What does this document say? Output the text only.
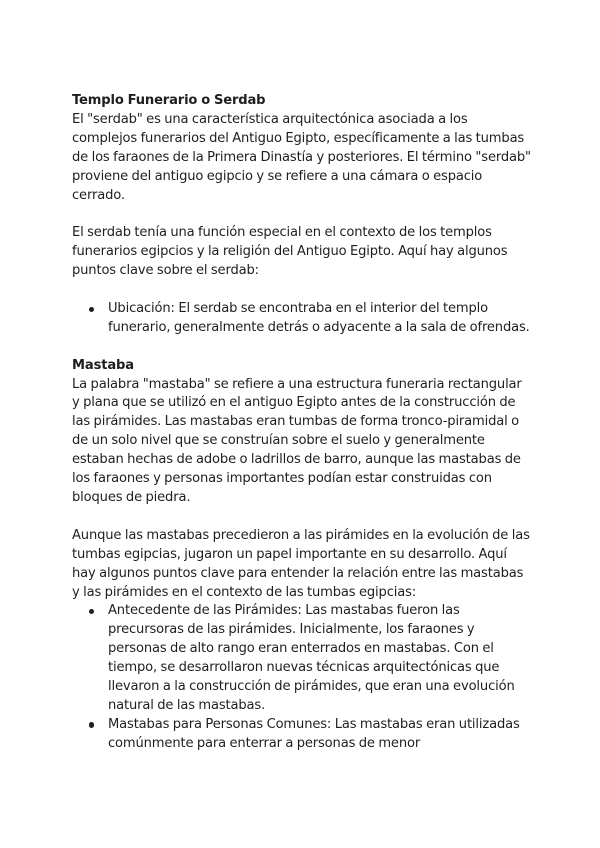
Templo Funerario o Serdab

El "serdab" es una característica arquitectónica asociada a los complejos funerarios del Antiguo Egipto, específicamente a las tumbas de los faraones de la Primera Dinastía y posteriores. El término "serdab" proviene del antiguo egipcio y se refiere a una cámara o espacio cerrado.

El serdab tenía una función especial en el contexto de los templos funerarios egipcios y la religión del Antiguo Egipto. Aquí hay algunos puntos clave sobre el serdab:

Ubicación: El serdab se encontraba en el interior del templo funerario, generalmente detrás o adyacente a la sala de ofrendas.
Mastaba

La palabra "mastaba" se refiere a una estructura funeraria rectangular y plana que se utilizó en el antiguo Egipto antes de la construcción de las pirámides. Las mastabas eran tumbas de forma tronco-piramidal o de un solo nivel que se construían sobre el suelo y generalmente estaban hechas de adobe o ladrillos de barro, aunque las mastabas de los faraones y personas importantes podían estar construidas con bloques de piedra.

Aunque las mastabas precedieron a las pirámides en la evolución de las tumbas egipcias, jugaron un papel importante en su desarrollo. Aquí hay algunos puntos clave para entender la relación entre las mastabas y las pirámides en el contexto de las tumbas egipcias:

Antecedente de las Pirámides: Las mastabas fueron las precursoras de las pirámides. Inicialmente, los faraones y personas de alto rango eran enterrados en mastabas. Con el tiempo, se desarrollaron nuevas técnicas arquitectónicas que llevaron a la construcción de pirámides, que eran una evolución natural de las mastabas.
Mastabas para Personas Comunes: Las mastabas eran utilizadas comúnmente para enterrar a personas de menor
